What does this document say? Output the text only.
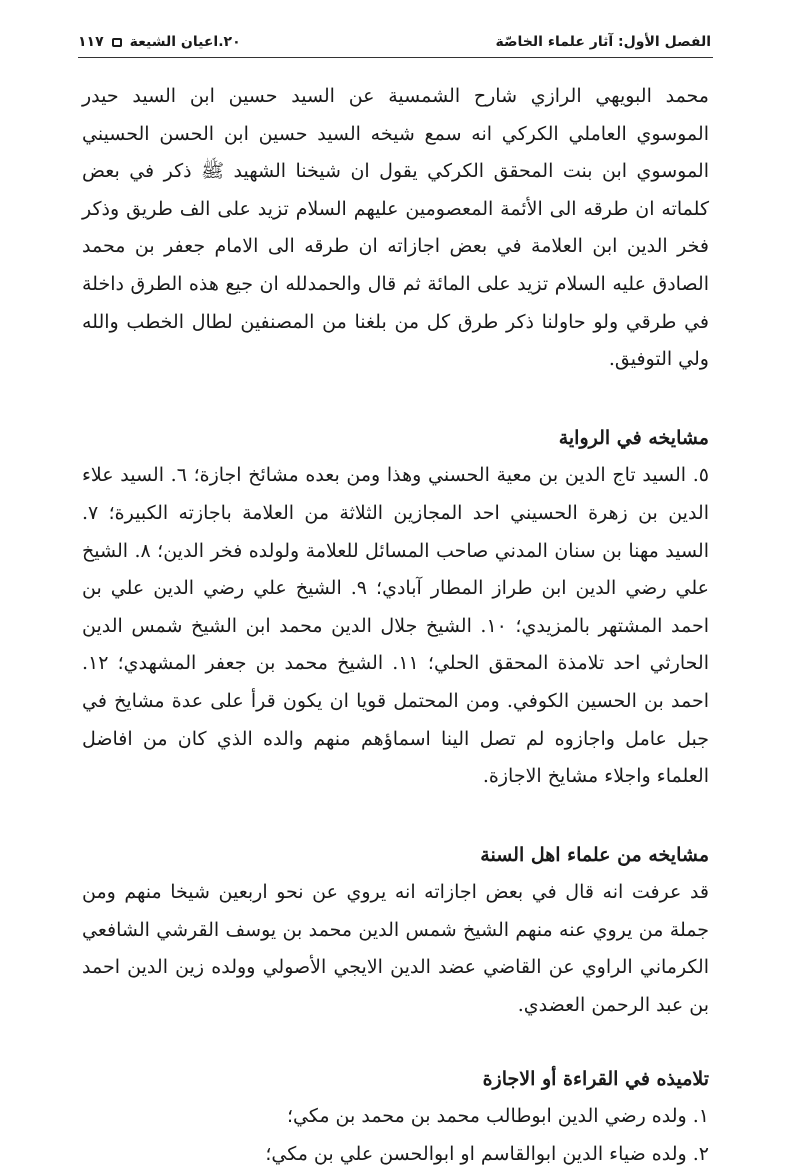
الفصل الأول: آثار علماء الخاصّة
٢٠.اعيان الشيعة
١١٧

محمد البويهي الرازي شارح الشمسية عن السيد حسين ابن السيد حيدر الموسوي العاملي الكركي انه سمع شيخه السيد حسين ابن الحسن الحسيني الموسوي ابن بنت المحقق الكركي يقول ان شيخنا الشهيد ﷺ ذكر في بعض كلماته ان طرقه الى الأئمة المعصومين عليهم السلام تزيد على الف طريق وذكر فخر الدين ابن العلامة في بعض اجازاته ان طرقه الى الامام جعفر بن محمد الصادق عليه السلام تزيد على المائة ثم قال والحمدلله ان جيع هذه الطرق داخلة في طرقي ولو حاولنا ذكر طرق كل من بلغنا من المصنفين لطال الخطب والله ولي التوفيق.

مشايخه في الرواية

٥. السيد تاج الدين بن معية الحسني وهذا ومن بعده مشائخ اجازة؛ ٦. السيد علاء الدين بن زهرة الحسيني احد المجازين الثلاثة من العلامة باجازته الكبيرة؛ ٧. السيد مهنا بن سنان المدني صاحب المسائل للعلامة ولولده فخر الدين؛ ٨. الشيخ علي رضي الدين ابن طراز المطار آبادي؛ ٩. الشيخ علي رضي الدين علي بن احمد المشتهر بالمزيدي؛ ١٠. الشيخ جلال الدين محمد ابن الشيخ شمس الدين الحارثي احد تلامذة المحقق الحلي؛ ١١. الشيخ محمد بن جعفر المشهدي؛ ١٢. احمد بن الحسين الكوفي. ومن المحتمل قويا ان يكون قرأ على عدة مشايخ في جبل عامل واجازوه لم تصل الينا اسماؤهم منهم والده الذي كان من افاضل العلماء واجلاء مشايخ الاجازة.

مشايخه من علماء اهل السنة

قد عرفت انه قال في بعض اجازاته انه يروي عن نحو اربعين شيخا منهم ومن جملة من يروي عنه منهم الشيخ شمس الدين محمد بن يوسف القرشي الشافعي الكرماني الراوي عن القاضي عضد الدين الايجي الأصولي وولده زين الدين احمد بن عبد الرحمن العضدي.

تلاميذه في القراءة أو الاجازة

١. ولده رضي الدين ابوطالب محمد بن محمد بن مكي؛
٢. ولده ضياء الدين ابوالقاسم او ابوالحسن علي بن مكي؛
